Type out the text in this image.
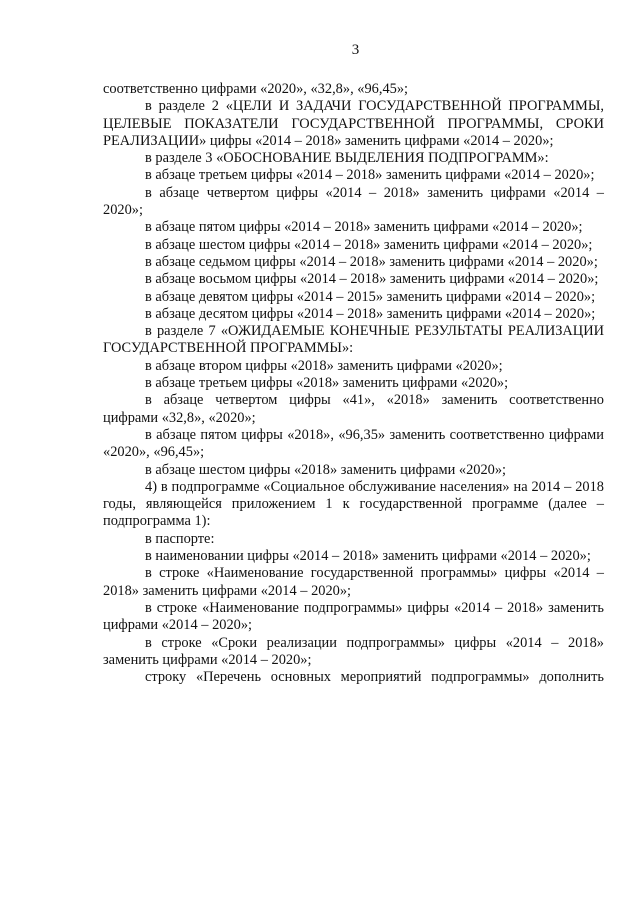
3

соответственно цифрами «2020», «32,8», «96,45»;

в разделе 2 «ЦЕЛИ И ЗАДАЧИ ГОСУДАРСТВЕННОЙ ПРОГРАММЫ, ЦЕЛЕВЫЕ ПОКАЗАТЕЛИ ГОСУДАРСТВЕННОЙ ПРОГРАММЫ, СРОКИ РЕАЛИЗАЦИИ» цифры «2014 – 2018» заменить цифрами «2014 – 2020»;

в разделе 3 «ОБОСНОВАНИЕ ВЫДЕЛЕНИЯ ПОДПРОГРАММ»:

в абзаце третьем цифры «2014 – 2018» заменить цифрами «2014 – 2020»;

в абзаце четвертом цифры «2014 – 2018» заменить цифрами «2014 – 2020»;

в абзаце пятом цифры «2014 – 2018» заменить цифрами «2014 – 2020»;

в абзаце шестом цифры «2014 – 2018» заменить цифрами «2014 – 2020»;

в абзаце седьмом цифры «2014 – 2018» заменить цифрами «2014 – 2020»;

в абзаце восьмом цифры «2014 – 2018» заменить цифрами «2014 – 2020»;

в абзаце девятом цифры «2014 – 2015» заменить цифрами «2014 – 2020»;

в абзаце десятом цифры «2014 – 2018» заменить цифрами «2014 – 2020»;

в разделе 7 «ОЖИДАЕМЫЕ КОНЕЧНЫЕ РЕЗУЛЬТАТЫ РЕАЛИЗАЦИИ ГОСУДАРСТВЕННОЙ ПРОГРАММЫ»:

в абзаце втором цифры «2018» заменить цифрами «2020»;

в абзаце третьем цифры «2018» заменить цифрами «2020»;

в абзаце четвертом цифры «41», «2018» заменить соответственно цифрами «32,8», «2020»;

в абзаце пятом цифры «2018», «96,35» заменить соответственно цифрами «2020», «96,45»;

в абзаце шестом цифры «2018» заменить цифрами «2020»;

4) в подпрограмме «Социальное обслуживание населения» на 2014 – 2018 годы, являющейся приложением 1 к государственной программе (далее – подпрограмма 1):

в паспорте:

в наименовании цифры «2014 – 2018» заменить цифрами «2014 – 2020»;

в строке «Наименование государственной программы» цифры «2014 – 2018» заменить цифрами «2014 – 2020»;

в строке «Наименование подпрограммы» цифры «2014 – 2018» заменить цифрами «2014 – 2020»;

в строке «Сроки реализации подпрограммы» цифры «2014 – 2018» заменить цифрами «2014 – 2020»;

строку «Перечень основных мероприятий подпрограммы» дополнить
